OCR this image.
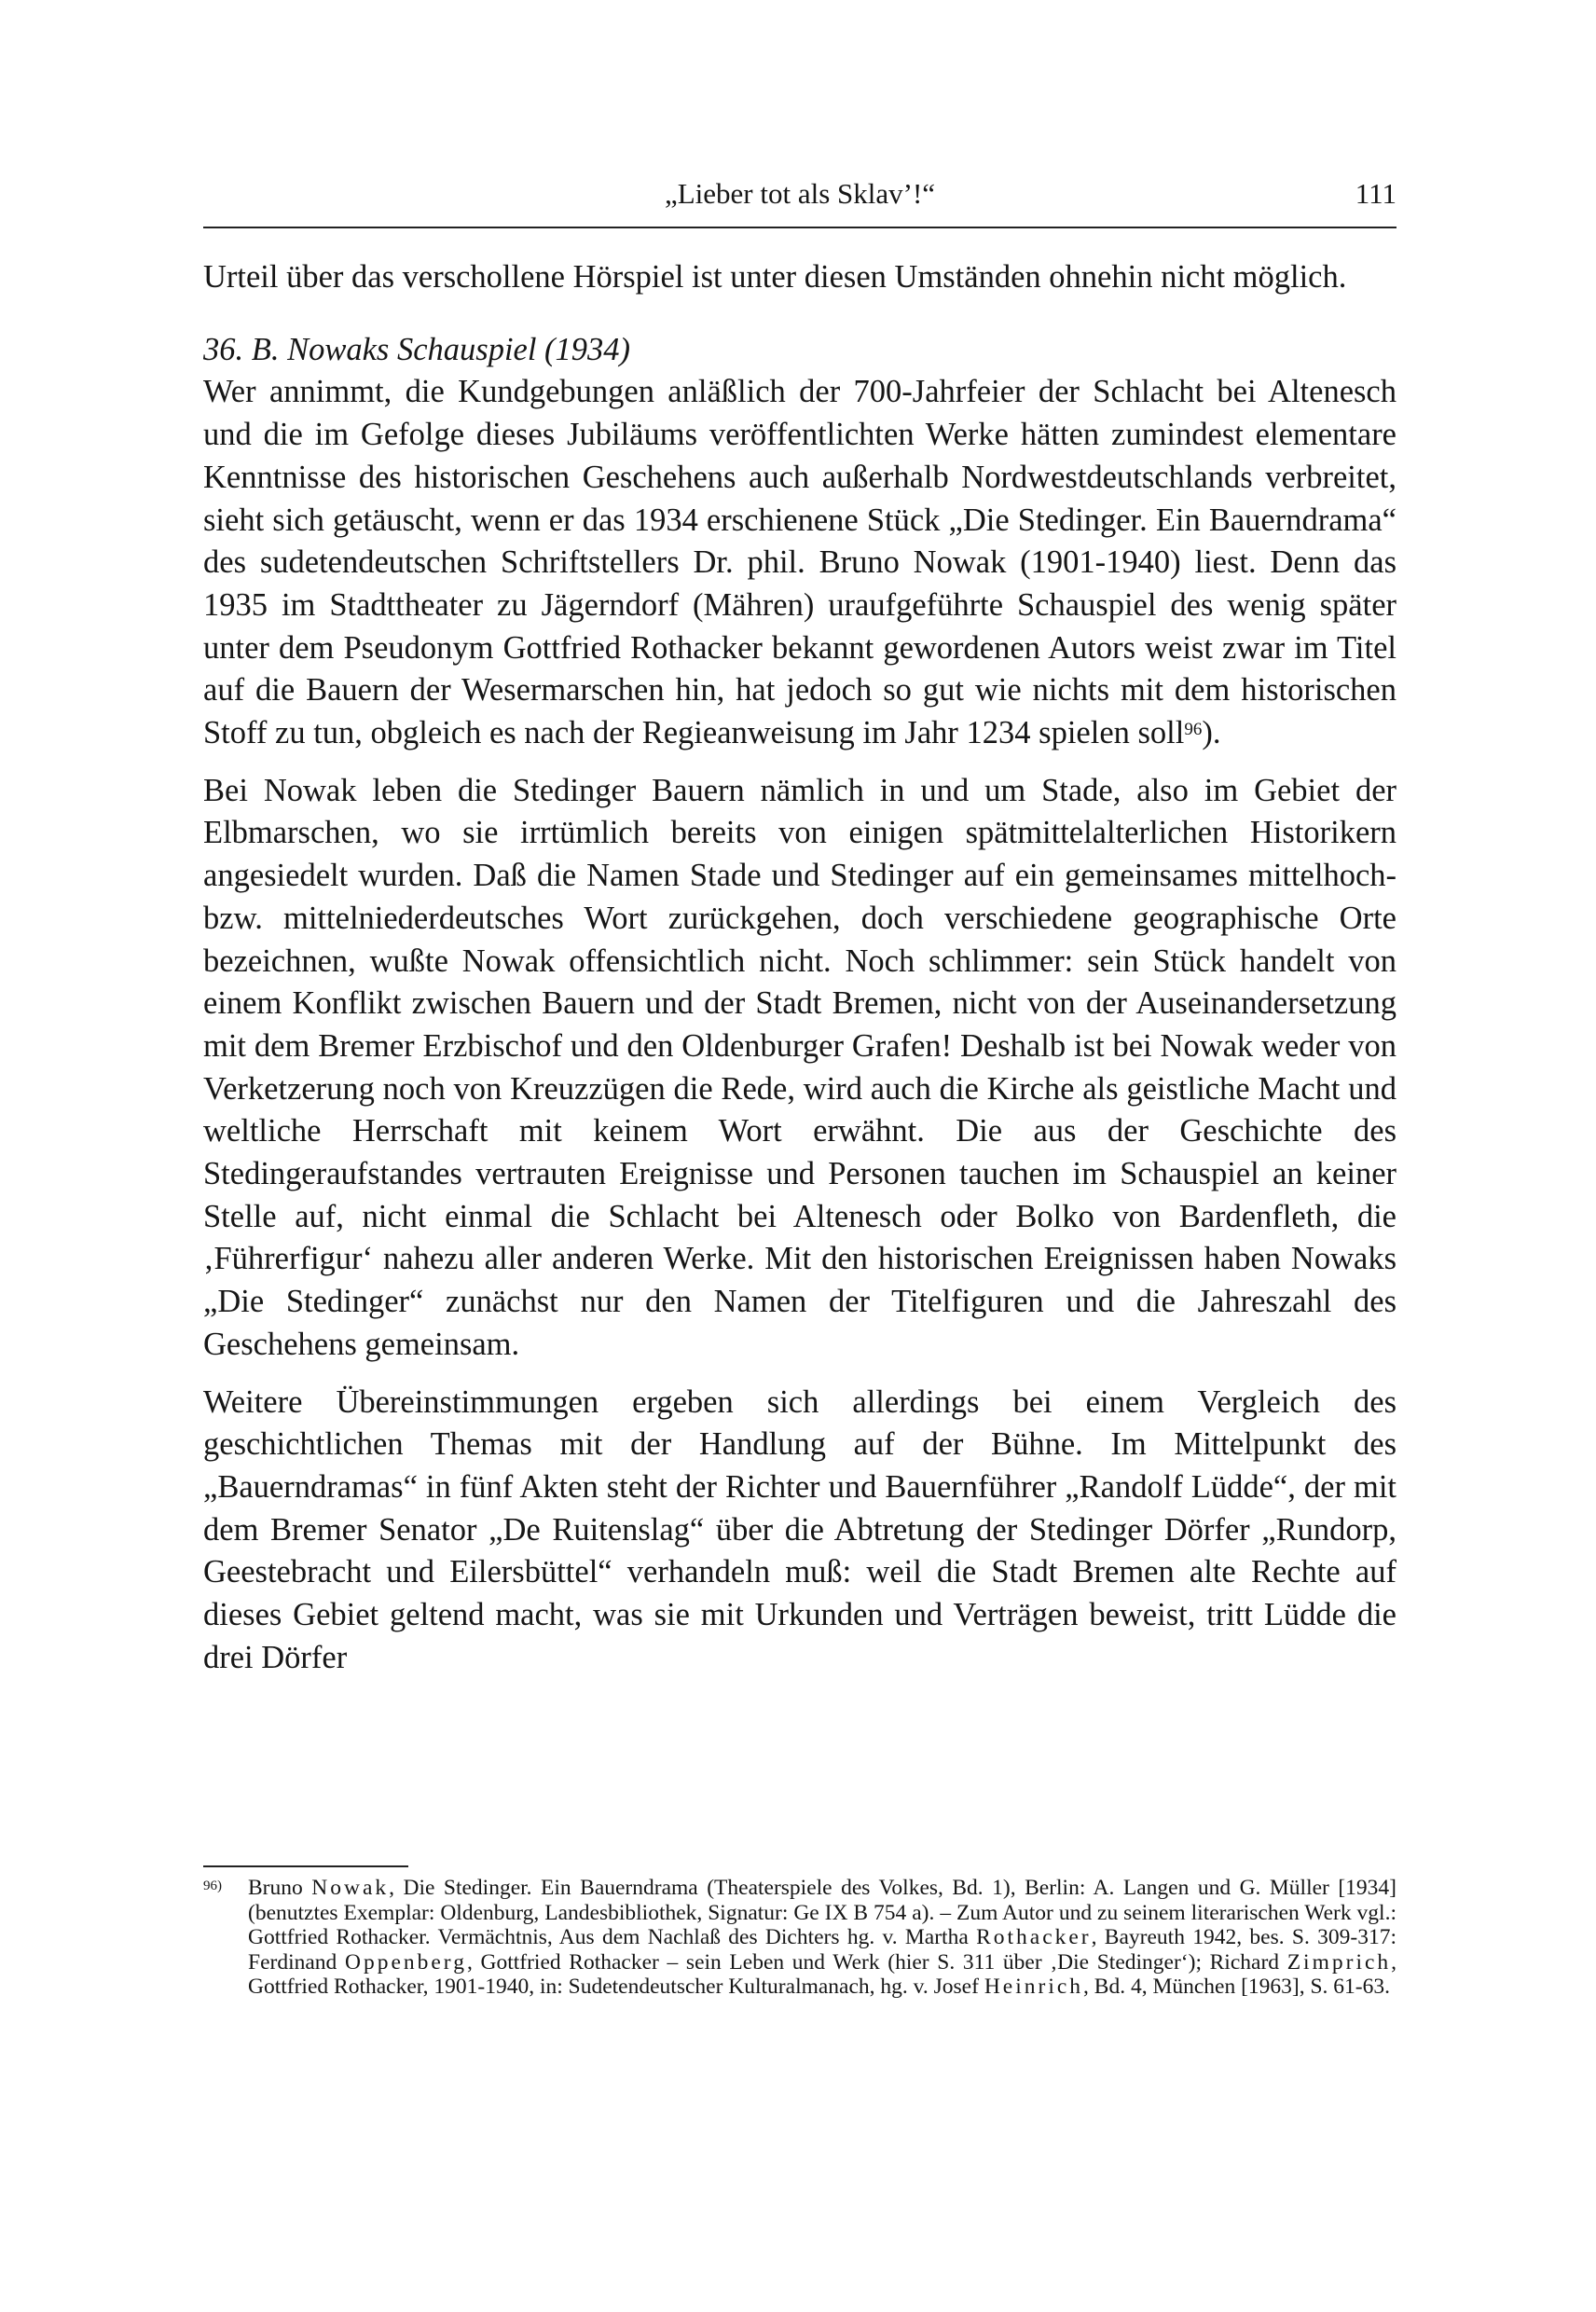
„Lieber tot als Sklav’!“	111

Urteil über das verschollene Hörspiel ist unter diesen Umständen ohnehin nicht möglich.

36. B. Nowaks Schauspiel (1934)

Wer annimmt, die Kundgebungen anläßlich der 700-Jahrfeier der Schlacht bei Altenesch und die im Gefolge dieses Jubiläums veröffentlichten Werke hätten zumindest elementare Kenntnisse des historischen Geschehens auch außerhalb Nordwestdeutschlands verbreitet, sieht sich getäuscht, wenn er das 1934 erschienene Stück „Die Stedinger. Ein Bauerndrama“ des sudetendeutschen Schriftstellers Dr. phil. Bruno Nowak (1901-1940) liest. Denn das 1935 im Stadttheater zu Jägerndorf (Mähren) uraufgeführte Schauspiel des wenig später unter dem Pseudonym Gottfried Rothacker bekannt gewordenen Autors weist zwar im Titel auf die Bauern der Wesermarschen hin, hat jedoch so gut wie nichts mit dem historischen Stoff zu tun, obgleich es nach der Regieanweisung im Jahr 1234 spielen soll$^{96}$).

Bei Nowak leben die Stedinger Bauern nämlich in und um Stade, also im Gebiet der Elbmarschen, wo sie irrtümlich bereits von einigen spätmittelalterlichen Historikern angesiedelt wurden. Daß die Namen Stade und Stedinger auf ein gemeinsames mittelhoch- bzw. mittelniederdeutsches Wort zurückgehen, doch verschiedene geographische Orte bezeichnen, wußte Nowak offensichtlich nicht. Noch schlimmer: sein Stück handelt von einem Konflikt zwischen Bauern und der Stadt Bremen, nicht von der Auseinandersetzung mit dem Bremer Erzbischof und den Oldenburger Grafen! Deshalb ist bei Nowak weder von Verketzerung noch von Kreuzzügen die Rede, wird auch die Kirche als geistliche Macht und weltliche Herrschaft mit keinem Wort erwähnt. Die aus der Geschichte des Stedingeraufstandes vertrauten Ereignisse und Personen tauchen im Schauspiel an keiner Stelle auf, nicht einmal die Schlacht bei Altenesch oder Bolko von Bardenfleth, die ‚Führerfigur‘ nahezu aller anderen Werke. Mit den historischen Ereignissen haben Nowaks „Die Stedinger“ zunächst nur den Namen der Titelfiguren und die Jahreszahl des Geschehens gemeinsam.

Weitere Übereinstimmungen ergeben sich allerdings bei einem Vergleich des geschichtlichen Themas mit der Handlung auf der Bühne. Im Mittelpunkt des „Bauerndramas“ in fünf Akten steht der Richter und Bauernführer „Randolf Lüdde“, der mit dem Bremer Senator „De Ruitenslag“ über die Abtretung der Stedinger Dörfer „Rundorp, Geestebracht und Eilersbüttel“ verhandeln muß: weil die Stadt Bremen alte Rechte auf dieses Gebiet geltend macht, was sie mit Urkunden und Verträgen beweist, tritt Lüdde die drei Dörfer

96) Bruno Nowak, Die Stedinger. Ein Bauerndrama (Theaterspiele des Volkes, Bd. 1), Berlin: A. Langen und G. Müller [1934] (benutztes Exemplar: Oldenburg, Landesbibliothek, Signatur: Ge IX B 754 a). – Zum Autor und zu seinem literarischen Werk vgl.: Gottfried Rothacker. Vermächtnis, Aus dem Nachlaß des Dichters hg. v. Martha Rothacker, Bayreuth 1942, bes. S. 309-317: Ferdinand Oppenberg, Gottfried Rothacker – sein Leben und Werk (hier S. 311 über ‚Die Stedinger‘); Richard Zimprich, Gottfried Rothacker, 1901-1940, in: Sudetendeutscher Kulturalmanach, hg. v. Josef Heinrich, Bd. 4, München [1963], S. 61-63.
